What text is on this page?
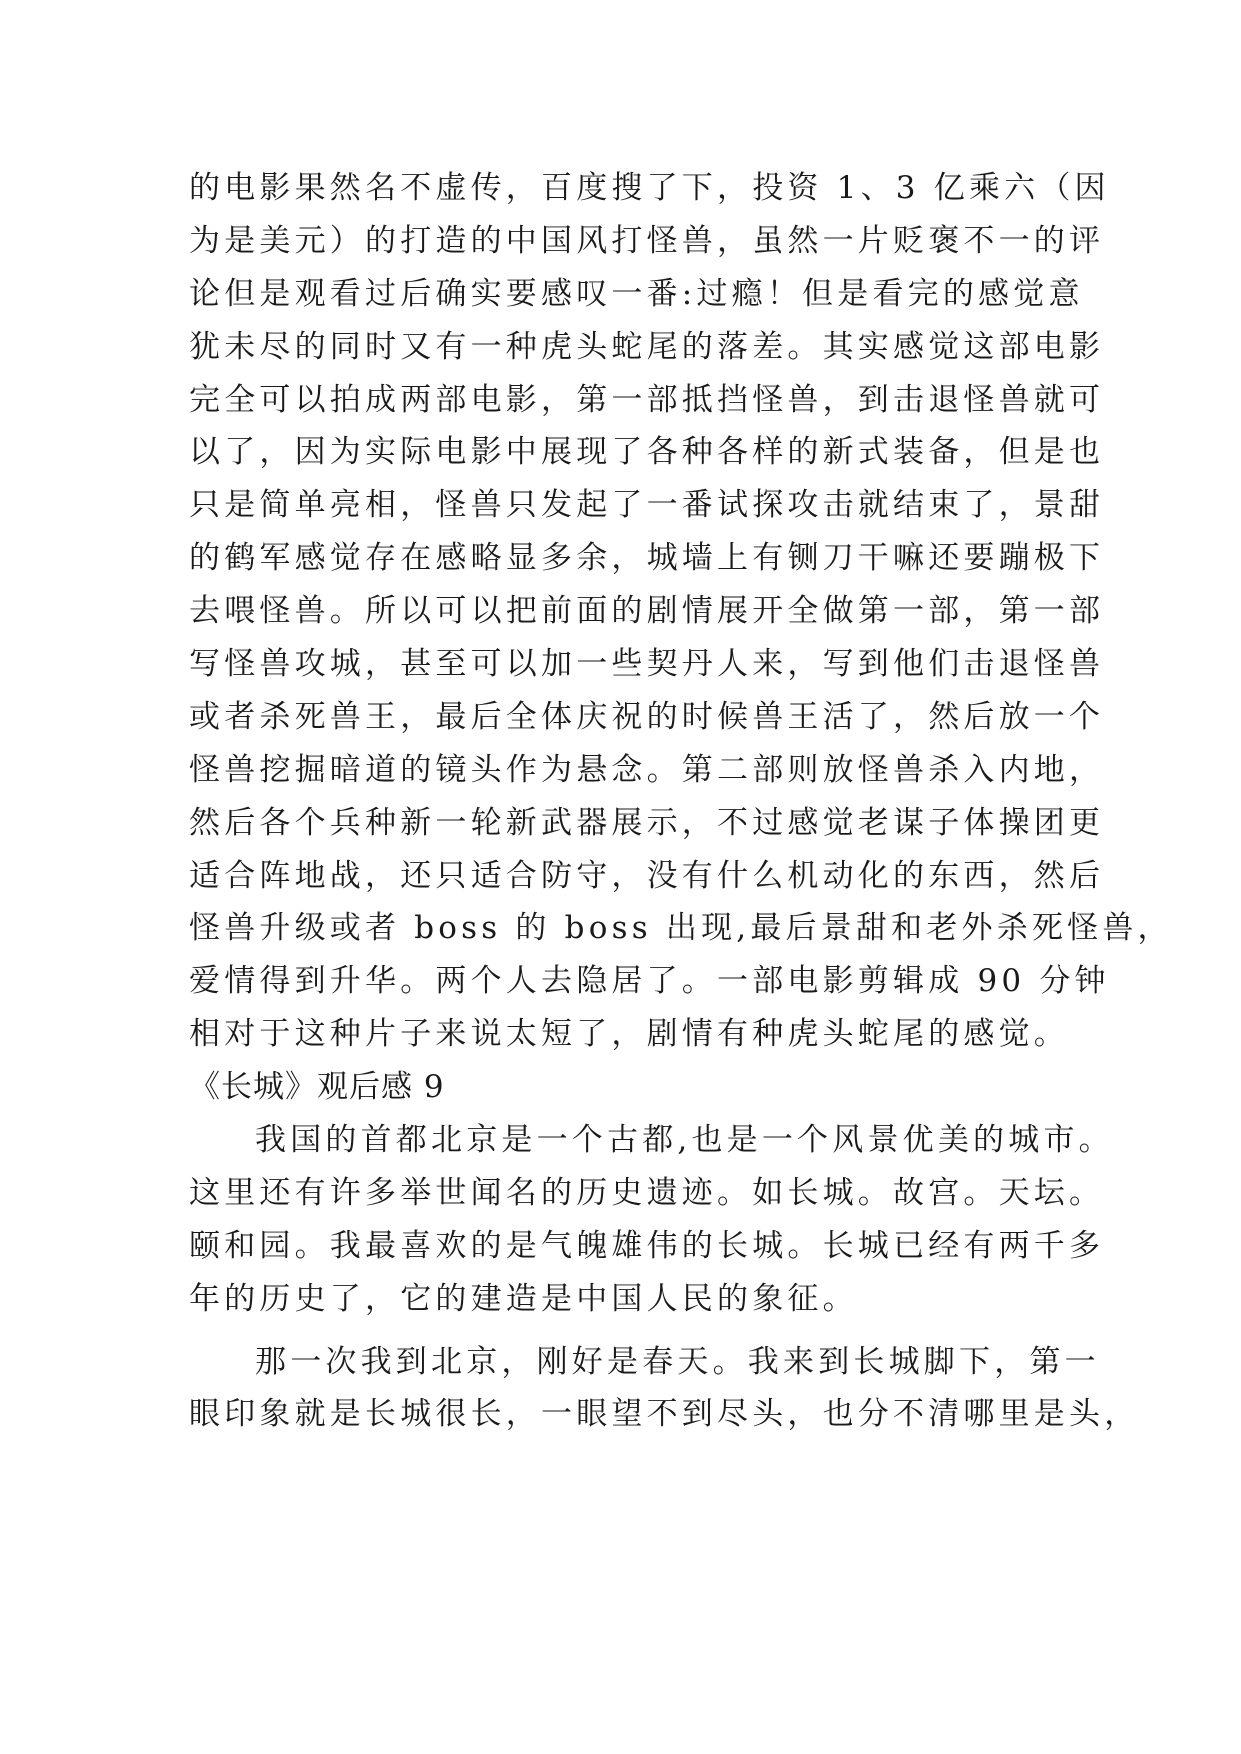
的电影果然名不虚传，百度搜了下，投资 1、3 亿乘六（因
为是美元）的打造的中国风打怪兽，虽然一片贬褒不一的评
论但是观看过后确实要感叹一番:过瘾！但是看完的感觉意
犹未尽的同时又有一种虎头蛇尾的落差。其实感觉这部电影
完全可以拍成两部电影，第一部抵挡怪兽，到击退怪兽就可
以了，因为实际电影中展现了各种各样的新式装备，但是也
只是简单亮相，怪兽只发起了一番试探攻击就结束了，景甜
的鹤军感觉存在感略显多余，城墙上有铡刀干嘛还要蹦极下
去喂怪兽。所以可以把前面的剧情展开全做第一部，第一部
写怪兽攻城，甚至可以加一些契丹人来，写到他们击退怪兽
或者杀死兽王，最后全体庆祝的时候兽王活了，然后放一个
怪兽挖掘暗道的镜头作为悬念。第二部则放怪兽杀入内地，
然后各个兵种新一轮新武器展示，不过感觉老谋子体操团更
适合阵地战，还只适合防守，没有什么机动化的东西，然后
怪兽升级或者 boss 的 boss 出现,最后景甜和老外杀死怪兽，
爱情得到升华。两个人去隐居了。一部电影剪辑成 90 分钟
相对于这种片子来说太短了，剧情有种虎头蛇尾的感觉。
《长城》观后感 9
我国的首都北京是一个古都,也是一个风景优美的城市。
这里还有许多举世闻名的历史遗迹。如长城。故宫。天坛。
颐和园。我最喜欢的是气魄雄伟的长城。长城已经有两千多
年的历史了，它的建造是中国人民的象征。
那一次我到北京，刚好是春天。我来到长城脚下，第一
眼印象就是长城很长，一眼望不到尽头，也分不清哪里是头，
